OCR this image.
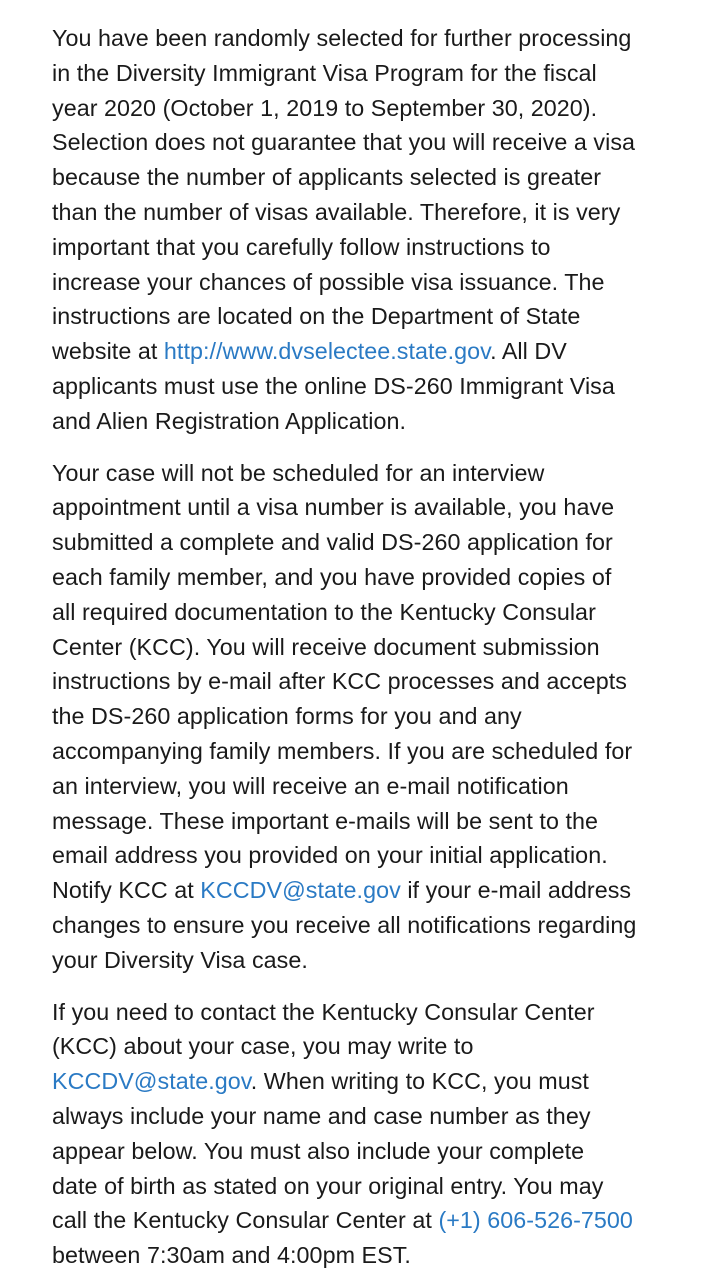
You have been randomly selected for further processing
in the Diversity Immigrant Visa Program for the fiscal
year 2020 (October 1, 2019 to September 30, 2020).
Selection does not guarantee that you will receive a visa
because the number of applicants selected is greater
than the number of visas available. Therefore, it is very
important that you carefully follow instructions to
increase your chances of possible visa issuance. The
instructions are located on the Department of State
website at http://www.dvselectee.state.gov. All DV
applicants must use the online DS-260 Immigrant Visa
and Alien Registration Application.

Your case will not be scheduled for an interview
appointment until a visa number is available, you have
submitted a complete and valid DS-260 application for
each family member, and you have provided copies of
all required documentation to the Kentucky Consular
Center (KCC). You will receive document submission
instructions by e-mail after KCC processes and accepts
the DS-260 application forms for you and any
accompanying family members. If you are scheduled for
an interview, you will receive an e-mail notification
message. These important e-mails will be sent to the
email address you provided on your initial application.
Notify KCC at KCCDV@state.gov if your e-mail address
changes to ensure you receive all notifications regarding
your Diversity Visa case.

If you need to contact the Kentucky Consular Center
(KCC) about your case, you may write to
KCCDV@state.gov. When writing to KCC, you must
always include your name and case number as they
appear below. You must also include your complete
date of birth as stated on your original entry. You may
call the Kentucky Consular Center at (+1) 606-526-7500
between 7:30am and 4:00pm EST.
